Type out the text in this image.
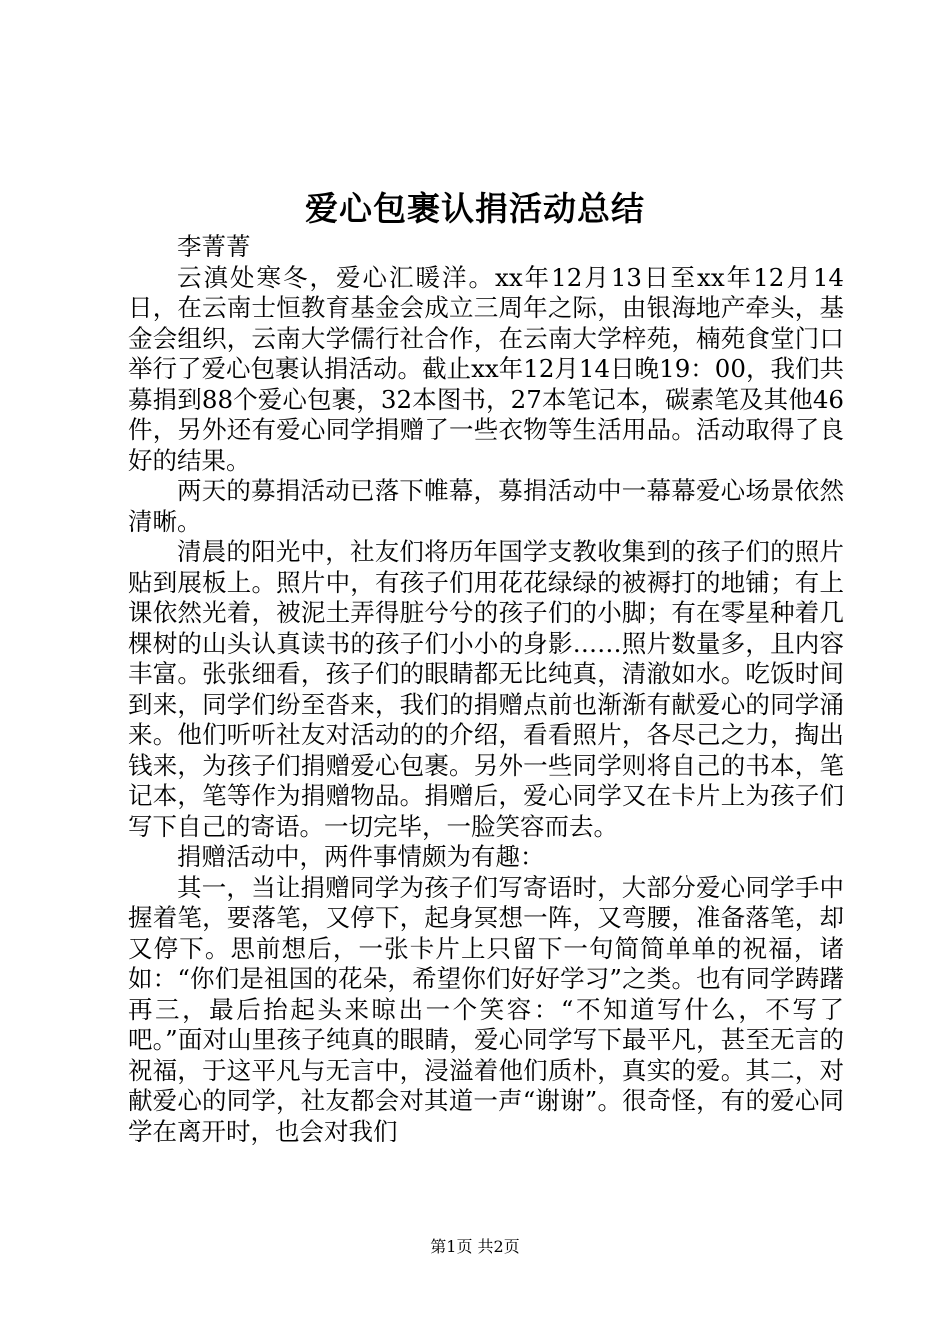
爱心包裹认捐活动总结

李菁菁

云滇处寒冬，爱心汇暖洋。xx年12月13日至xx年12月14日，在云南士恒教育基金会成立三周年之际，由银海地产牵头，基金会组织，云南大学儒行社合作，在云南大学梓苑，楠苑食堂门口举行了爱心包裹认捐活动。截止xx年12月14日晚19：00，我们共募捐到88个爱心包裹，32本图书，27本笔记本，碳素笔及其他46件，另外还有爱心同学捐赠了一些衣物等生活用品。活动取得了良好的结果。

两天的募捐活动已落下帷幕，募捐活动中一幕幕爱心场景依然清晰。

清晨的阳光中，社友们将历年国学支教收集到的孩子们的照片贴到展板上。照片中，有孩子们用花花绿绿的被褥打的地铺；有上课依然光着，被泥土弄得脏兮兮的孩子们的小脚；有在零星种着几棵树的山头认真读书的孩子们小小的身影……照片数量多，且内容丰富。张张细看，孩子们的眼睛都无比纯真，清澈如水。吃饭时间到来，同学们纷至沓来，我们的捐赠点前也渐渐有献爱心的同学涌来。他们听听社友对活动的的介绍，看看照片，各尽己之力，掏出钱来，为孩子们捐赠爱心包裹。另外一些同学则将自己的书本，笔记本，笔等作为捐赠物品。捐赠后，爱心同学又在卡片上为孩子们写下自己的寄语。一切完毕，一脸笑容而去。

捐赠活动中，两件事情颇为有趣：

其一，当让捐赠同学为孩子们写寄语时，大部分爱心同学手中握着笔，要落笔，又停下，起身冥想一阵，又弯腰，准备落笔，却又停下。思前想后，一张卡片上只留下一句简简单单的祝福，诸如：“你们是祖国的花朵，希望你们好好学习”之类。也有同学踌躇再三，最后抬起头来晾出一个笑容：“不知道写什么，不写了吧。”面对山里孩子纯真的眼睛，爱心同学写下最平凡，甚至无言的祝福，于这平凡与无言中，浸溢着他们质朴，真实的爱。其二，对献爱心的同学，社友都会对其道一声“谢谢”。很奇怪，有的爱心同学在离开时，也会对我们

第1页 共2页
